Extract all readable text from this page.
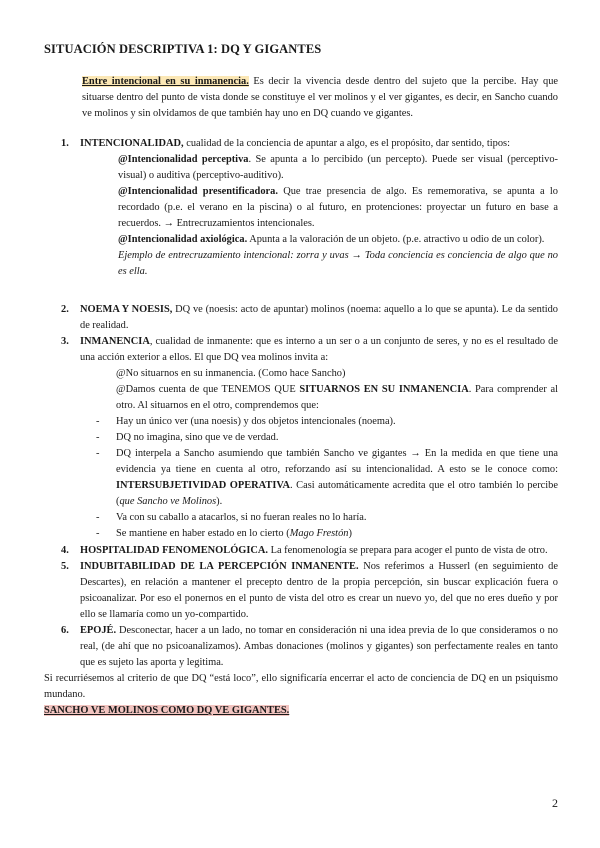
SITUACIÓN DESCRIPTIVA 1: DQ Y GIGANTES
Entre intencional en su inmanencia. Es decir la vivencia desde dentro del sujeto que la percibe. Hay que situarse dentro del punto de vista donde se constituye el ver molinos y el ver gigantes, es decir, en Sancho cuando ve molinos y sin olvidamos de que también hay uno en DQ cuando ve gigantes.
1. INTENCIONALIDAD, cualidad de la conciencia de apuntar a algo, es el propósito, dar sentido, tipos:
@Intencionalidad perceptiva. Se apunta a lo percibido (un percepto). Puede ser visual (perceptivo-visual) o auditiva (perceptivo-auditivo).
@Intencionalidad presentificadora. Que trae presencia de algo. Es rememorativa, se apunta a lo recordado (p.e. el verano en la piscina) o al futuro, en protenciones: proyectar un futuro en base a recuerdos. → Entrecruzamientos intencionales.
@Intencionalidad axiológica. Apunta a la valoración de un objeto. (p.e. atractivo u odio de un color).
Ejemplo de entrecruzamiento intencional: zorra y uvas → Toda conciencia es conciencia de algo que no es ella.
2. NOEMA Y NOESIS, DQ ve (noesis: acto de apuntar) molinos (noema: aquello a lo que se apunta). Le da sentido de realidad.
3. INMANENCIA, cualidad de inmanente: que es interno a un ser o a un conjunto de seres, y no es el resultado de una acción exterior a ellos. El que DQ vea molinos invita a:
@No situarnos en su inmanencia. (Como hace Sancho)
@Damos cuenta de que TENEMOS QUE SITUARNOS EN SU INMANENCIA. Para comprender al otro. Al situarnos en el otro, comprendemos que:
- Hay un único ver (una noesis) y dos objetos intencionales (noema).
- DQ no imagina, sino que ve de verdad.
- DQ interpela a Sancho asumiendo que también Sancho ve gigantes → En la medida en que tiene una evidencia ya tiene en cuenta al otro, reforzando así su intencionalidad. A esto se le conoce como: INTERSUBJETIVIDAD OPERATIVA. Casi automáticamente acredita que el otro también lo percibe (que Sancho ve Molinos).
- Va con su caballo a atacarlos, si no fueran reales no lo haría.
- Se mantiene en haber estado en lo cierto (Mago Frestón)
4. HOSPITALIDAD FENOMENOLÓGICA. La fenomenología se prepara para acoger el punto de vista de otro.
5. INDUBITABILIDAD DE LA PERCEPCIÓN INMANENTE. Nos referimos a Husserl (en seguimiento de Descartes), en relación a mantener el precepto dentro de la propia percepción, sin buscar explicación fuera o psicoanalizar. Por eso el ponernos en el punto de vista del otro es crear un nuevo yo, del que no eres dueño y por ello se llamaría como un yo-compartido.
6. EPOJÉ. Desconectar, hacer a un lado, no tomar en consideración ni una idea previa de lo que consideramos o no real, (de ahí que no psicoanalizamos). Ambas donaciones (molinos y gigantes) son perfectamente reales en tanto que es sujeto las aporta y legitima.
Si recurriésemos al criterio de que DQ “está loco”, ello significaría encerrar el acto de conciencia de DQ en un psiquismo mundano.
SANCHO VE MOLINOS COMO DQ VE GIGANTES.
2
